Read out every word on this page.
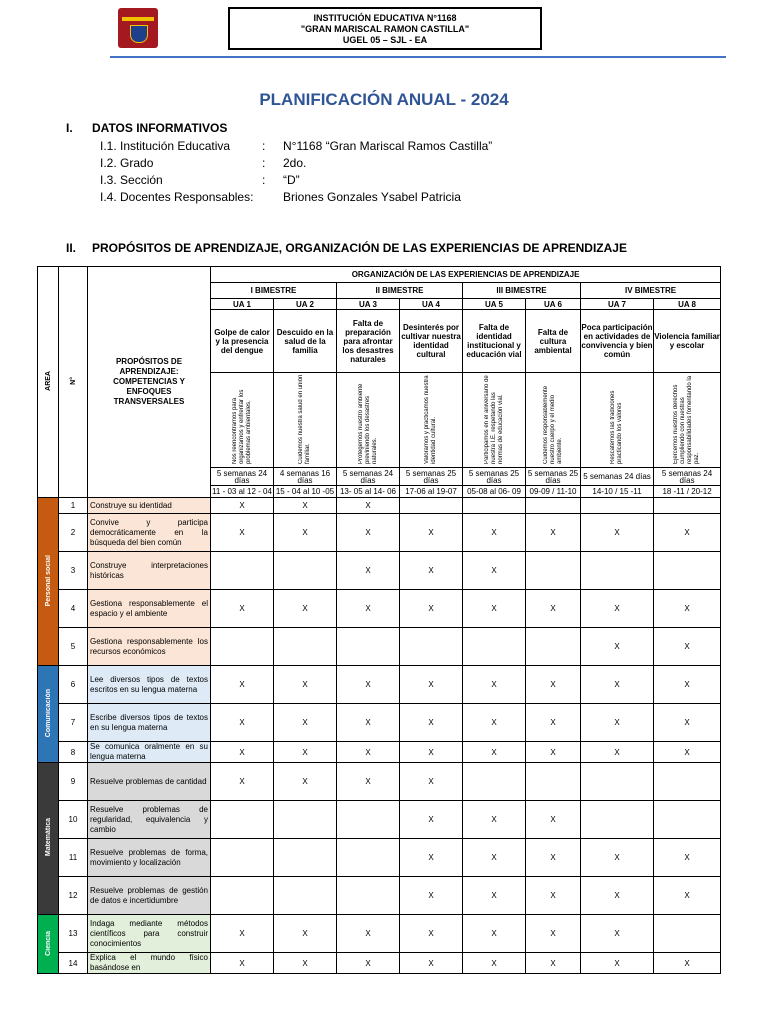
INSTITUCIÓN EDUCATIVA N°1168
"GRAN MARISCAL RAMON CASTILLA"
UGEL 05 – SJL - EA
PLANIFICACIÓN ANUAL - 2024
I. DATOS INFORMATIVOS
I.1. Institución Educativa	: N°1168 “Gran Mariscal Ramos Castilla”
I.2. Grado	: 2do.
I.3. Sección	: “D”
I.4. Docentes Responsables: Briones Gonzales Ysabel Patricia
II. PROPÓSITOS DE APRENDIZAJE, ORGANIZACIÓN DE LAS EXPERIENCIAS DE APRENDIZAJE
AREA	N°	PROPÓSITOS DE APRENDIZAJE: COMPETENCIAS Y ENFOQUES TRANSVERSALES	ORGANIZACIÓN DE LAS EXPERIENCIAS DE APRENDIZAJE							
			I BIMESTRE		II BIMESTRE		III BIMESTRE		IV BIMESTRE	
			UA 1	UA 2	UA 3	UA 4	UA 5	UA 6	UA 7	UA 8
			Golpe de calor y la presencia del dengue	Descuido en la salud de la familia	Falta de preparación para afrontar los desastres naturales	Desinterés por cultivar nuestra identidad cultural	Falta de identidad institucional y educación vial	Falta de cultura ambiental	Poca participación en actividades de convivencia y bien común	Violencia familiar y escolar
			Nos reencontramos para organizarnos y enfrentar los problemas ambientales.	Cuidemos nuestra salud en unión familiar.	Protegemos nuestro ambiente previniendo los desastres naturales.	Valoramos y practicamos nuestra identidad cultural.	Participamos en el aniversario de nuestra I.E. respetando las normas de educación vial.	Cuidemos responsablemente nuestro cuerpo y el medio ambiente.	Rescatemos las tradiciones practicando los valores	Ejercemos nuestros derechos cumpliendo con nuestras responsabilidades fomentando la paz.
			5 semanas 24 días	4 semanas 16 días	5 semanas 24 días	5 semanas 25 días	5 semanas 25 días	5 semanas 25 días	5 semanas 24 días	5 semanas 24 días
			11 - 03 al 12 - 04	15 - 04 al 10 -05	13- 05 al 14- 06	17-06 al 19-07	05-08 al 06- 09	09-09 / 11-10	14-10 / 15 -11	18 -11 / 20-12
Personal social	1	Construye su identidad	X	X	X					
	2	Convive y participa democráticamente en la búsqueda del bien común	X	X	X	X	X	X	X	X
	3	Construye interpretaciones históricas			X	X	X			
	4	Gestiona responsablemente el espacio y el ambiente	X	X	X	X	X	X	X	X
	5	Gestiona responsablemente los recursos económicos							X	X
Comunicación	6	Lee diversos tipos de textos escritos en su lengua materna	X	X	X	X	X	X	X	X
	7	Escribe diversos tipos de textos en su lengua materna	X	X	X	X	X	X	X	X
	8	Se comunica oralmente en su lengua materna	X	X	X	X	X	X	X	X
Matemática	9	Resuelve problemas de cantidad	X	X	X	X				
	10	Resuelve problemas de regularidad, equivalencia y cambio				X	X	X		
	11	Resuelve problemas de forma, movimiento y localización				X	X	X	X	X
	12	Resuelve problemas de gestión de datos e incertidumbre				X	X	X	X	X
Ciencia	13	Indaga mediante métodos científicos para construir conocimientos	X	X	X	X	X	X	X	
	14	Explica el mundo físico basándose en	X	X	X	X	X	X	X	X
